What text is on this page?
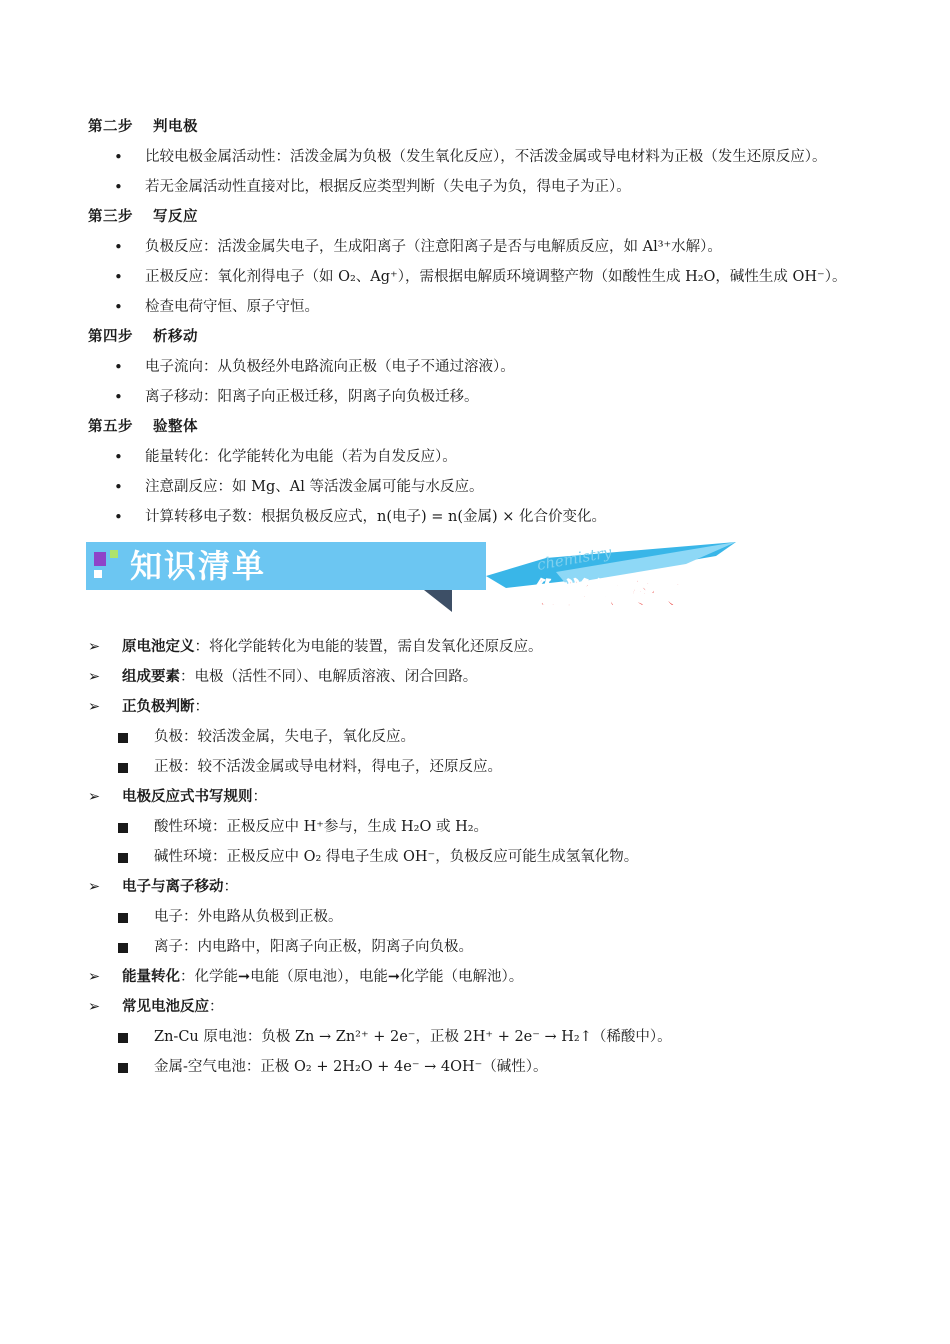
第二步 判电极
• 比较电极金属活动性：活泼金属为负极（发生氧化反应），不活泼金属或导电材料为正极（发生还原反应）。
• 若无金属活动性直接对比，根据反应类型判断（失电子为负，得电子为正）。
第三步 写反应
• 负极反应：活泼金属失电子，生成阳离子（注意阳离子是否与电解质反应，如 Al³⁺水解）。
• 正极反应：氧化剂得电子（如 O₂、Ag⁺），需根据电解质环境调整产物（如酸性生成 H₂O，碱性生成 OH⁻）。
• 检查电荷守恒、原子守恒。
第四步 析移动
• 电子流向：从负极经外电路流向正极（电子不通过溶液）。
• 离子移动：阳离子向正极迁移，阴离子向负极迁移。
第五步 验整体
• 能量转化：化学能转化为电能（若为自发反应）。
• 注意副反应：如 Mg、Al 等活泼金属可能与水反应。
• 计算转移电子数：根据负极反应式，n(电子) = n(金属) × 化合价变化。
知识清单	chemistry
化学微突破
➢	原电池定义：将化学能转化为电能的装置，需自发氧化还原反应。
➢	组成要素：电极（活性不同）、电解质溶液、闭合回路。
➢	正负极判断：
负极：较活泼金属，失电子，氧化反应。
正极：较不活泼金属或导电材料，得电子，还原反应。
➢	电极反应式书写规则：
酸性环境：正极反应中 H⁺参与，生成 H₂O 或 H₂。
碱性环境：正极反应中 O₂ 得电子生成 OH⁻，负极反应可能生成氢氧化物。
➢	电子与离子移动：
电子：外电路从负极到正极。
离子：内电路中，阳离子向正极，阴离子向负极。
➢	能量转化：化学能➞电能（原电池），电能➞化学能（电解池）。
➢	常见电池反应：
Zn-Cu 原电池：负极 Zn → Zn²⁺ + 2e⁻，正极 2H⁺ + 2e⁻ → H₂↑（稀酸中）。
金属-空气电池：正极 O₂ + 2H₂O + 4e⁻ → 4OH⁻（碱性）。
